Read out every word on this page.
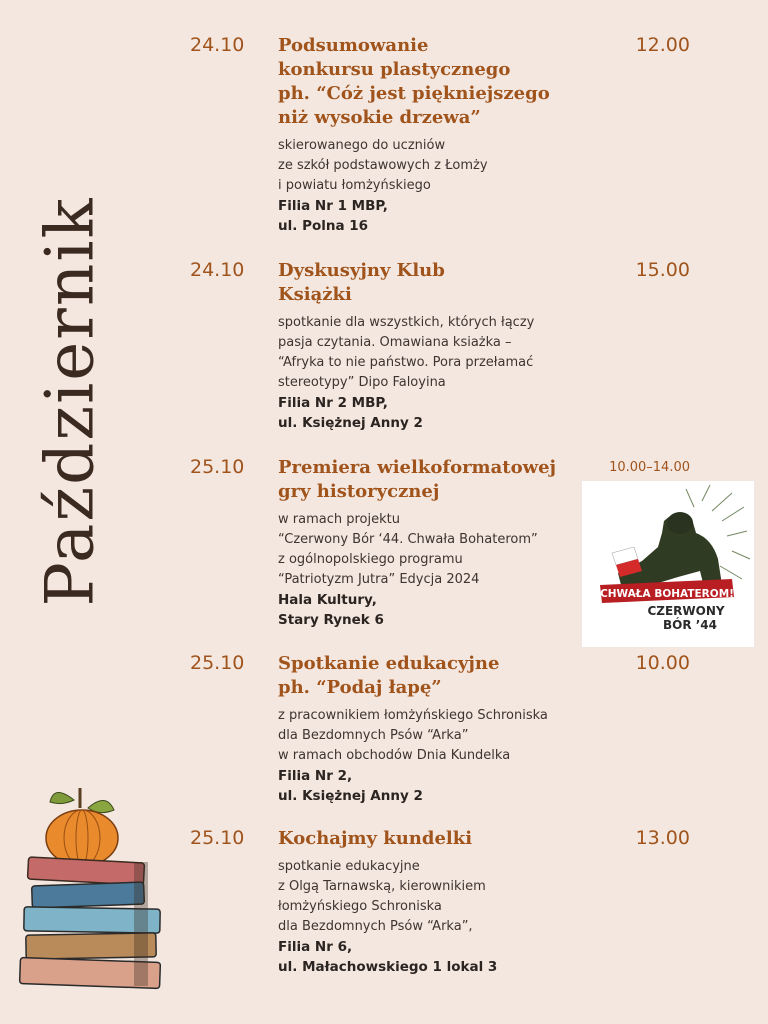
Październik
24.10	12.00
Podsumowanie
konkursu plastycznego
ph. “Cóż jest piękniejszego
niż wysokie drzewa”
skierowanego do uczniów
ze szkół podstawowych z Łomży
i powiatu łomżyńskiego
Filia Nr 1 MBP,
ul. Polna 16
24.10	15.00
Dyskusyjny Klub
Książki
spotkanie dla wszystkich, których łączy
pasja czytania. Omawiana ksiażka –
“Afryka to nie państwo. Pora przełamać
stereotypy” Dipo Faloyina
Filia Nr 2 MBP,
ul. Księżnej Anny 2
25.10	10.00–14.00
Premiera wielkoformatowej
gry historycznej
w ramach projektu
“Czerwony Bór ‘44. Chwała Bohaterom”
z ogólnopolskiego programu
“Patriotyzm Jutra” Edycja 2024
Hala Kultury,
Stary Rynek 6
CHWAŁA BOHATEROM!
CZERWONY
BÓR ’44
25.10	10.00
Spotkanie edukacyjne
ph. “Podaj łapę”
z pracownikiem łomżyńskiego Schroniska
dla Bezdomnych Psów “Arka”
w ramach obchodów Dnia Kundelka
Filia Nr 2,
ul. Księżnej Anny 2
25.10	13.00
Kochajmy kundelki
spotkanie edukacyjne
z Olgą Tarnawską, kierownikiem
łomżyńskiego Schroniska
dla Bezdomnych Psów “Arka”,
Filia Nr 6,
ul. Małachowskiego 1 lokal 3
